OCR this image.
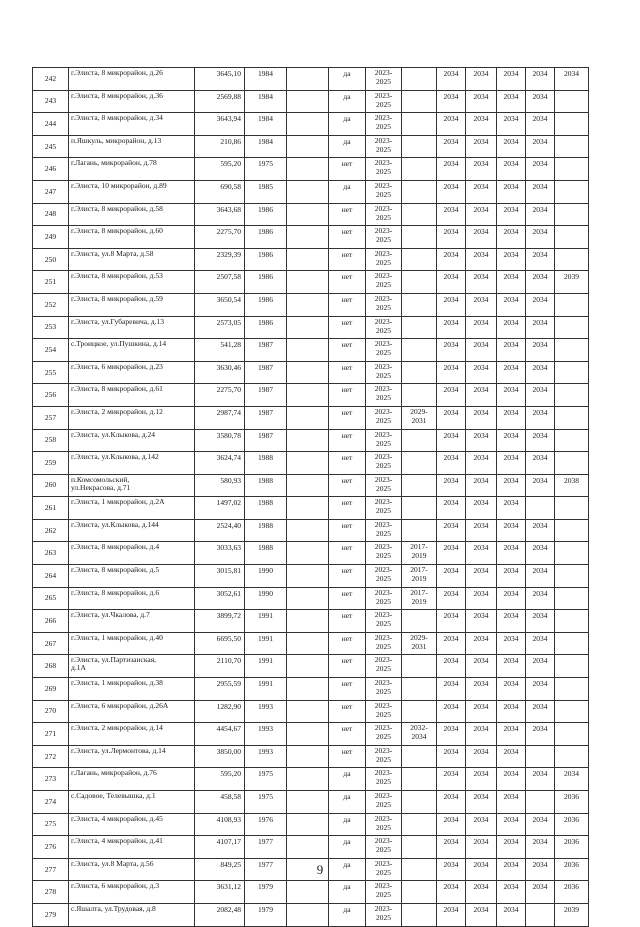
242	г.Элиста, 8 микрорайон, д.26	3645,10	1984		да	2023-
2025		2034	2034	2034	2034	2034
243	г.Элиста, 8 микрорайон, д.36	2569,88	1984		да	2023-
2025		2034	2034	2034	2034	
244	г.Элиста, 8 микрорайон, д.34	3643,94	1984		да	2023-
2025		2034	2034	2034	2034	
245	п.Яшкуль, микрорайон, д.13	210,86	1984		да	2023-
2025		2034	2034	2034	2034	
246	г.Лагань, микрорайон, д.78	595,20	1975		нет	2023-
2025		2034	2034	2034	2034	
247	г.Элиста, 10 микрорайон, д.89	690,58	1985		да	2023-
2025		2034	2034	2034	2034	
248	г.Элиста, 8 микрорайон, д.58	3643,68	1986		нет	2023-
2025		2034	2034	2034	2034	
249	г.Элиста, 8 микрорайон, д.60	2275,70	1986		нет	2023-
2025		2034	2034	2034	2034	
250	г.Элиста, ул.8 Марта, д.58	2329,39	1986		нет	2023-
2025		2034	2034	2034	2034	
251	г.Элиста, 8 микрорайон, д.53	2507,58	1986		нет	2023-
2025		2034	2034	2034	2034	2039
252	г.Элиста, 8 микрорайон, д.59	3650,54	1986		нет	2023-
2025		2034	2034	2034	2034	
253	г.Элиста, ул.Губаревича, д.13	2573,05	1986		нет	2023-
2025		2034	2034	2034	2034	
254	с.Троицкое, ул.Пушкина, д.14	541,28	1987		нет	2023-
2025		2034	2034	2034	2034	
255	г.Элиста, 6 микрорайон, д.23	3630,46	1987		нет	2023-
2025		2034	2034	2034	2034	
256	г.Элиста, 8 микрорайон, д.61	2275,70	1987		нет	2023-
2025		2034	2034	2034	2034	
257	г.Элиста, 2 микрорайон, д.12	2987,74	1987		нет	2023-
2025	2029-
2031	2034	2034	2034	2034	
258	г.Элиста, ул.Клыкова, д.24	3580,78	1987		нет	2023-
2025		2034	2034	2034	2034	
259	г.Элиста, ул.Клыкова, д.142	3624,74	1988		нет	2023-
2025		2034	2034	2034	2034	
260	п.Комсомольский,
ул.Некрасова, д.71	580,93	1988		нет	2023-
2025		2034	2034	2034	2034	2038
261	г.Элиста, 1 микрорайон, д.2А	1497,02	1988		нет	2023-
2025		2034	2034	2034		
262	г.Элиста, ул.Клыкова, д.144	2524,40	1988		нет	2023-
2025		2034	2034	2034	2034	
263	г.Элиста, 8 микрорайон, д.4	3033,63	1988		нет	2023-
2025	2017-
2019	2034	2034	2034	2034	
264	г.Элиста, 8 микрорайон, д.5	3015,81	1990		нет	2023-
2025	2017-
2019	2034	2034	2034	2034	
265	г.Элиста, 8 микрорайон, д.6	3052,61	1990		нет	2023-
2025	2017-
2019	2034	2034	2034	2034	
266	г.Элиста, ул.Чкалова, д.7	3899,72	1991		нет	2023-
2025		2034	2034	2034	2034	
267	г.Элиста, 1 микрорайон, д.40	6695,50	1991		нет	2023-
2025	2029-
2031	2034	2034	2034	2034	
268	г.Элиста, ул.Партизанская,
д.1А	2110,70	1991		нет	2023-
2025		2034	2034	2034	2034	
269	г.Элиста, 1 микрорайон, д.38	2955,59	1991		нет	2023-
2025		2034	2034	2034	2034	
270	г.Элиста, 6 микрорайон, д.26А	1282,90	1993		нет	2023-
2025		2034	2034	2034	2034	
271	г.Элиста, 2 микрорайон, д.14	4454,67	1993		нет	2023-
2025	2032-
2034	2034	2034	2034	2034	
272	г.Элиста, ул.Лермонтова, д.14	3850,00	1993		нет	2023-
2025		2034	2034	2034		
273	г.Лагань, микрорайон, д.76	595,20	1975		да	2023-
2025		2034	2034	2034	2034	2034
274	с.Садовое, Телевышка, д.1	458,58	1975		да	2023-
2025		2034	2034	2034		2036
275	г.Элиста, 4 микрорайон, д.45	4108,93	1976		да	2023-
2025		2034	2034	2034	2034	2036
276	г.Элиста, 4 микрорайон, д.41	4107,17	1977		да	2023-
2025		2034	2034	2034	2034	2036
277	г.Элиста, ул.8 Марта, д.56	849,25	1977		да	2023-
2025		2034	2034	2034	2034	2036
278	г.Элиста, 6 микрорайон, д.3	3631,12	1979		да	2023-
2025		2034	2034	2034	2034	2036
279	с.Яшалта, ул.Трудовая, д.8	2082,48	1979		да	2023-
2025		2034	2034	2034		2039
9
